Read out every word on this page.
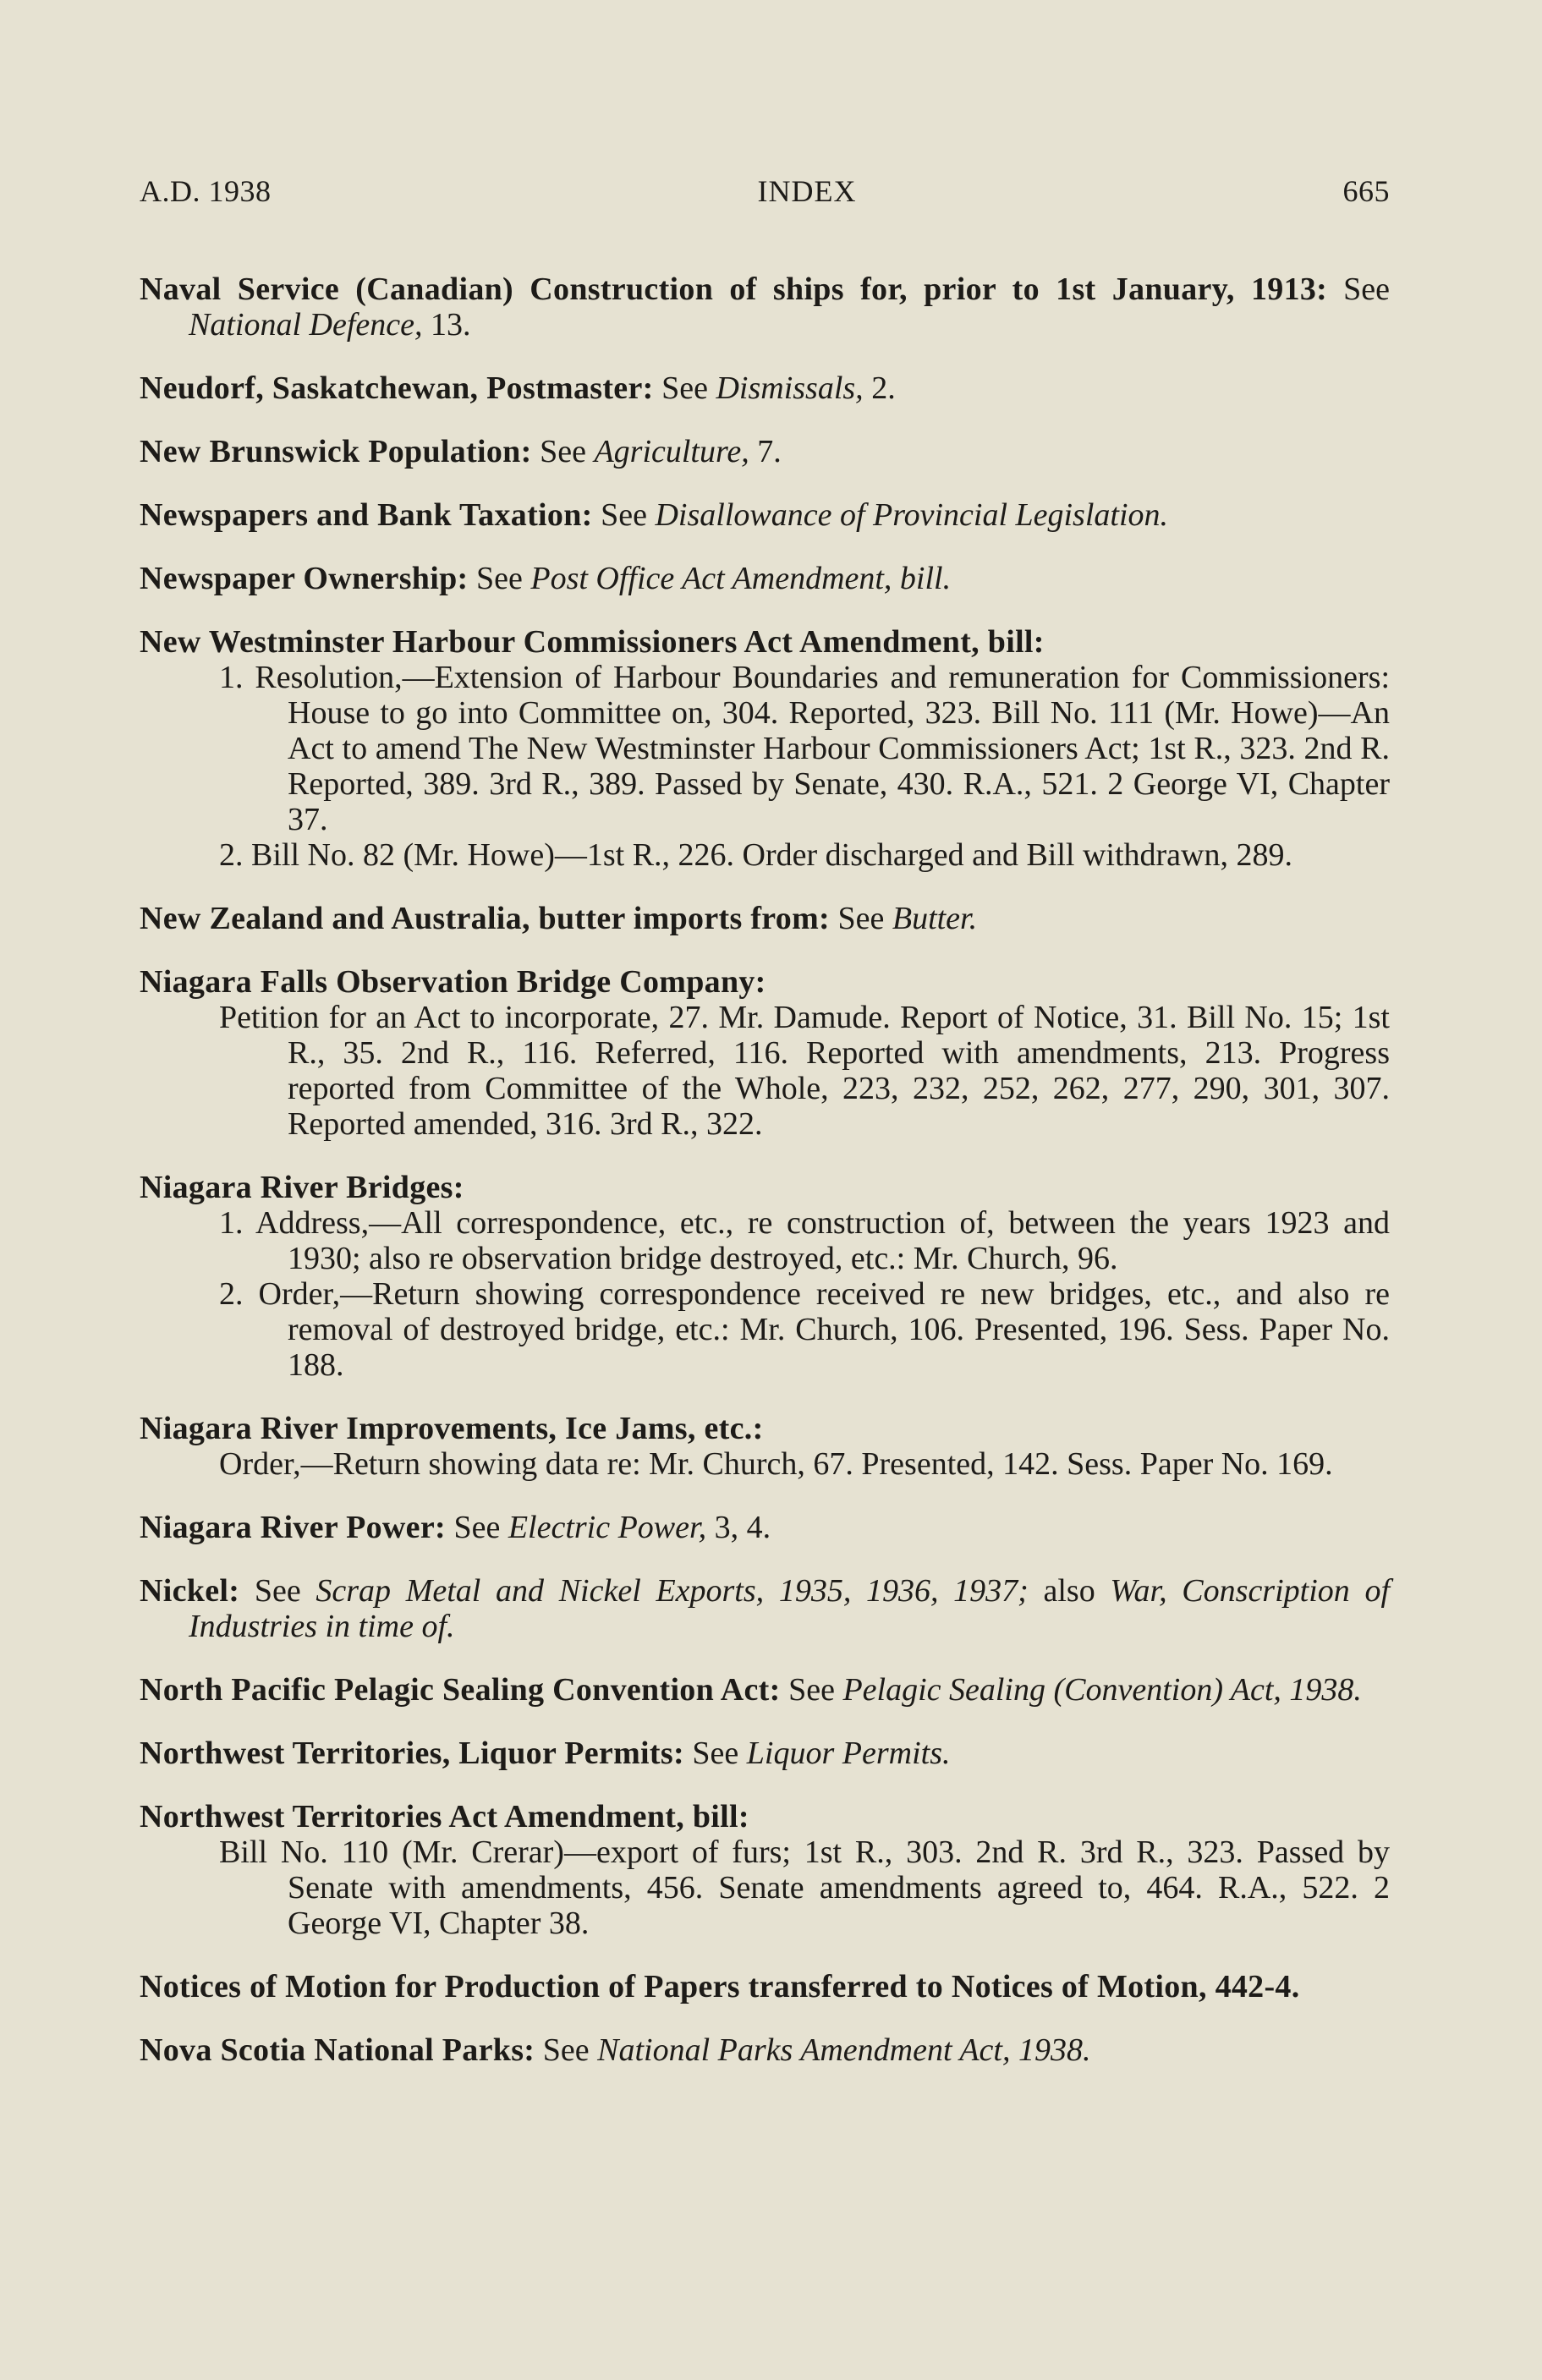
A.D. 1938	INDEX	665
Naval Service (Canadian) Construction of ships for, prior to 1st January, 1913: See National Defence, 13.
Neudorf, Saskatchewan, Postmaster: See Dismissals, 2.
New Brunswick Population: See Agriculture, 7.
Newspapers and Bank Taxation: See Disallowance of Provincial Legislation.
Newspaper Ownership: See Post Office Act Amendment, bill.
New Westminster Harbour Commissioners Act Amendment, bill:
1. Resolution,—Extension of Harbour Boundaries and remuneration for Commissioners: House to go into Committee on, 304. Reported, 323. Bill No. 111 (Mr. Howe)—An Act to amend The New Westminster Harbour Commissioners Act; 1st R., 323. 2nd R. Reported, 389. 3rd R., 389. Passed by Senate, 430. R.A., 521. 2 George VI, Chapter 37.
2. Bill No. 82 (Mr. Howe)—1st R., 226. Order discharged and Bill withdrawn, 289.
New Zealand and Australia, butter imports from: See Butter.
Niagara Falls Observation Bridge Company:
Petition for an Act to incorporate, 27. Mr. Damude. Report of Notice, 31. Bill No. 15; 1st R., 35. 2nd R., 116. Referred, 116. Reported with amendments, 213. Progress reported from Committee of the Whole, 223, 232, 252, 262, 277, 290, 301, 307. Reported amended, 316. 3rd R., 322.
Niagara River Bridges:
1. Address,—All correspondence, etc., re construction of, between the years 1923 and 1930; also re observation bridge destroyed, etc.: Mr. Church, 96.
2. Order,—Return showing correspondence received re new bridges, etc., and also re removal of destroyed bridge, etc.: Mr. Church, 106. Presented, 196. Sess. Paper No. 188.
Niagara River Improvements, Ice Jams, etc.:
Order,—Return showing data re: Mr. Church, 67. Presented, 142. Sess. Paper No. 169.
Niagara River Power: See Electric Power, 3, 4.
Nickel: See Scrap Metal and Nickel Exports, 1935, 1936, 1937; also War, Conscription of Industries in time of.
North Pacific Pelagic Sealing Convention Act: See Pelagic Sealing (Convention) Act, 1938.
Northwest Territories, Liquor Permits: See Liquor Permits.
Northwest Territories Act Amendment, bill:
Bill No. 110 (Mr. Crerar)—export of furs; 1st R., 303. 2nd R. 3rd R., 323. Passed by Senate with amendments, 456. Senate amendments agreed to, 464. R.A., 522. 2 George VI, Chapter 38.
Notices of Motion for Production of Papers transferred to Notices of Motion, 442-4.
Nova Scotia National Parks: See National Parks Amendment Act, 1938.
